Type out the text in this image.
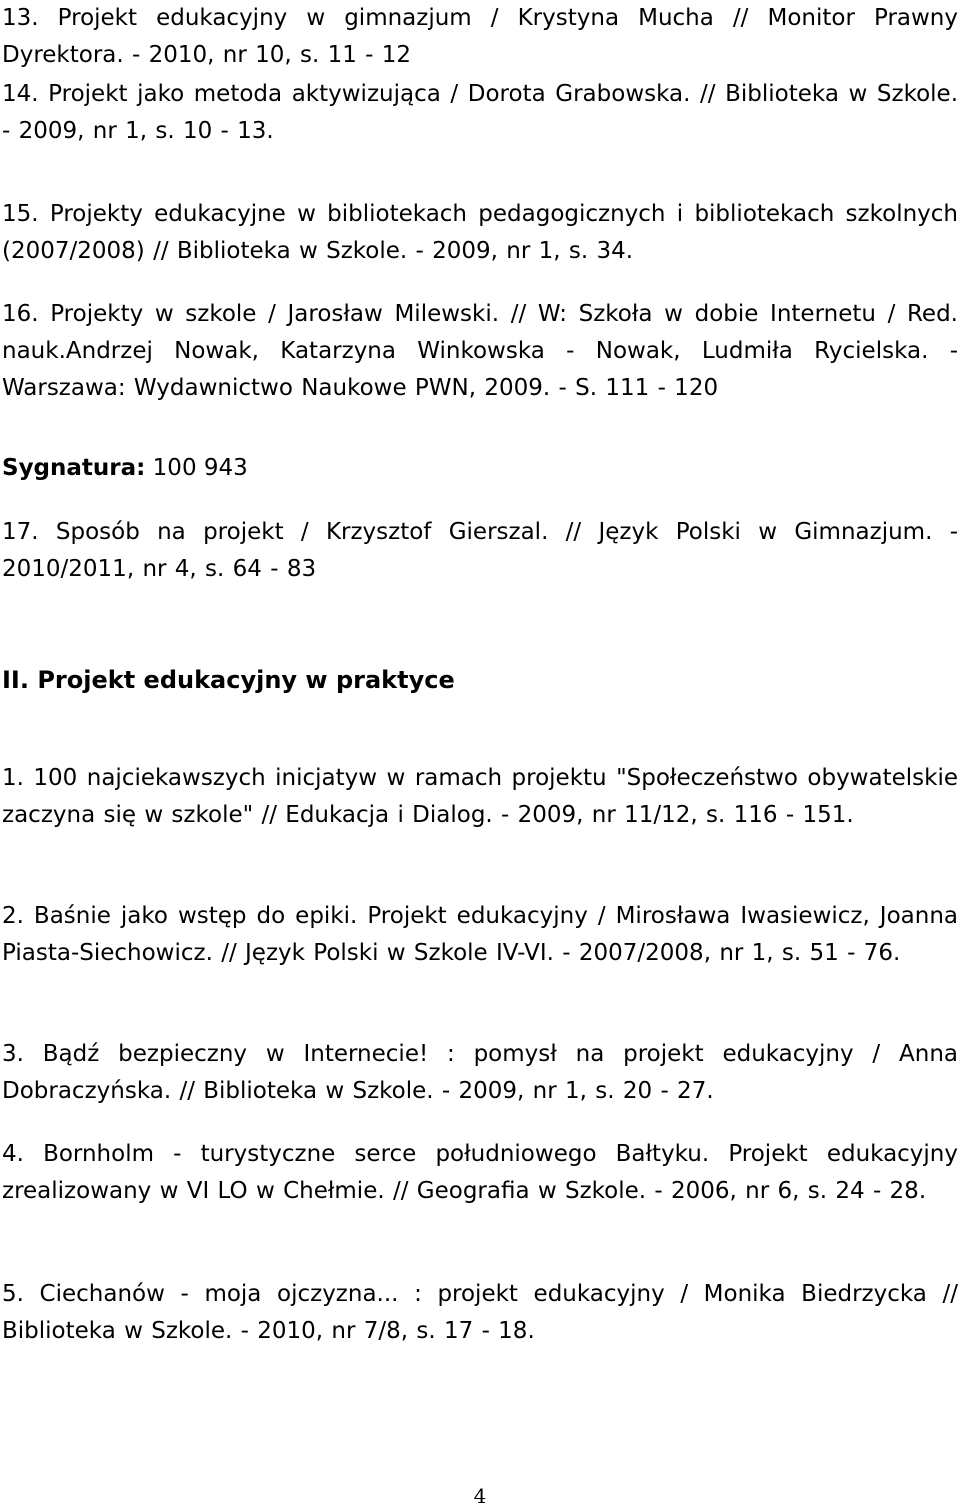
13. Projekt edukacyjny w gimnazjum / Krystyna Mucha // Monitor Prawny Dyrektora. - 2010, nr 10, s. 11 - 12
14. Projekt jako metoda aktywizująca / Dorota Grabowska. // Biblioteka w Szkole. - 2009, nr 1, s. 10 - 13.
15. Projekty edukacyjne w bibliotekach pedagogicznych i bibliotekach szkolnych (2007/2008) // Biblioteka w Szkole. - 2009, nr 1, s. 34.
16. Projekty w szkole / Jarosław Milewski. // W: Szkoła w dobie Internetu / Red. nauk.Andrzej Nowak, Katarzyna Winkowska - Nowak, Ludmiła Rycielska. - Warszawa: Wydawnictwo Naukowe PWN, 2009. - S. 111 - 120
Sygnatura: 100 943
17. Sposób na projekt / Krzysztof Gierszal. // Język Polski w Gimnazjum. - 2010/2011, nr 4, s. 64 - 83
II. Projekt edukacyjny w praktyce
1. 100 najciekawszych inicjatyw w ramach projektu "Społeczeństwo obywatelskie zaczyna się w szkole" // Edukacja i Dialog. - 2009, nr 11/12, s. 116 - 151.
2. Baśnie jako wstęp do epiki. Projekt edukacyjny / Mirosława Iwasiewicz, Joanna Piasta-Siechowicz. // Język Polski w Szkole IV-VI. - 2007/2008, nr 1, s. 51 - 76.
3. Bądź bezpieczny w Internecie! : pomysł na projekt edukacyjny / Anna Dobraczyńska. // Biblioteka w Szkole. - 2009, nr 1, s. 20 - 27.
4. Bornholm - turystyczne serce południowego Bałtyku. Projekt edukacyjny zrealizowany w VI LO w Chełmie. // Geografia w Szkole. - 2006, nr 6, s. 24 - 28.
5. Ciechanów - moja ojczyzna... : projekt edukacyjny / Monika Biedrzycka // Biblioteka w Szkole. - 2010, nr 7/8, s. 17 - 18.
4
